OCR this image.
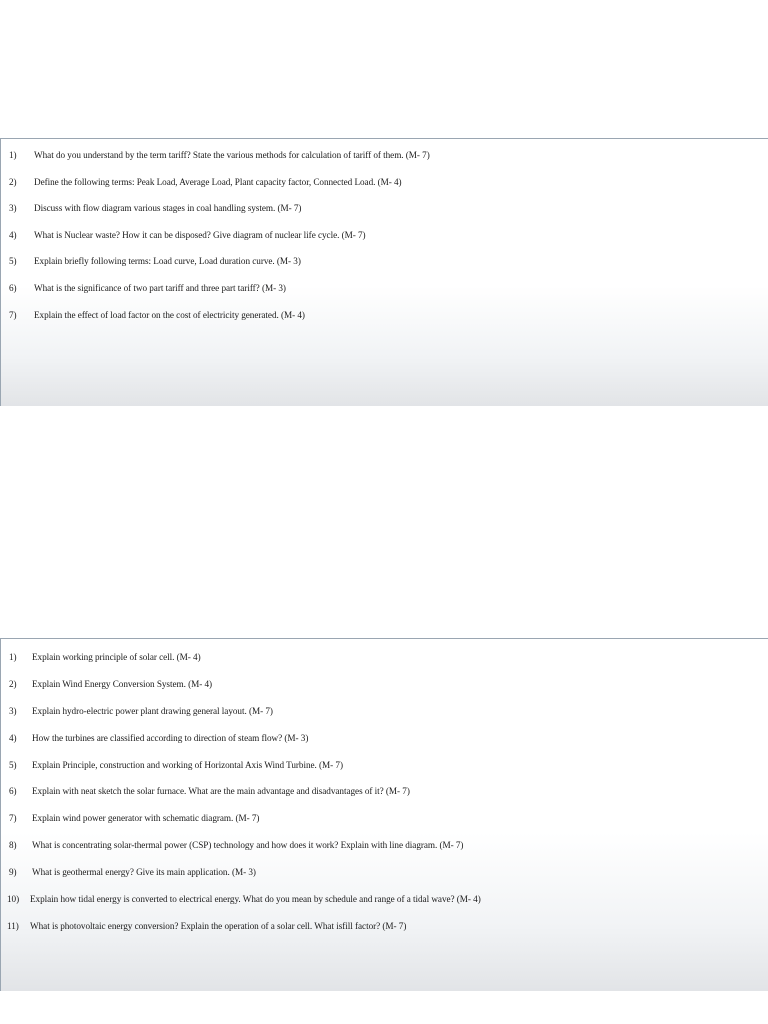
1)	What do you understand by the term tariff? State the various methods for calculation of tariff of them. (M- 7)
2)	Define the following terms: Peak Load, Average Load, Plant capacity factor, Connected Load. (M- 4)
3)	Discuss with flow diagram various stages in coal handling system. (M- 7)
4)	What is Nuclear waste? How it can be disposed? Give diagram of nuclear life cycle. (M- 7)
5)	Explain briefly following terms: Load curve, Load duration curve. (M- 3)
6)	What is the significance of two part tariff and three part tariff? (M- 3)
7)	Explain the effect of load factor on the cost of electricity generated. (M- 4)
1)	Explain working principle of solar cell. (M- 4)
2)	Explain Wind Energy Conversion System. (M- 4)
3)	Explain hydro-electric power plant drawing general layout. (M- 7)
4)	How the turbines are classified according to direction of steam flow? (M- 3)
5)	Explain Principle, construction and working of Horizontal Axis Wind Turbine. (M- 7)
6)	Explain with neat sketch the solar furnace. What are the main advantage and disadvantages of it? (M- 7)
7)	Explain wind power generator with schematic diagram. (M- 7)
8)	What is concentrating solar-thermal power (CSP) technology and how does it work? Explain with line diagram. (M- 7)
9)	What is geothermal energy? Give its main application. (M- 3)
10)	Explain how tidal energy is converted to electrical energy. What do you mean by schedule and range of a tidal wave? (M- 4)
11)	What is photovoltaic energy conversion? Explain the operation of a solar cell. What isfill factor? (M- 7)
